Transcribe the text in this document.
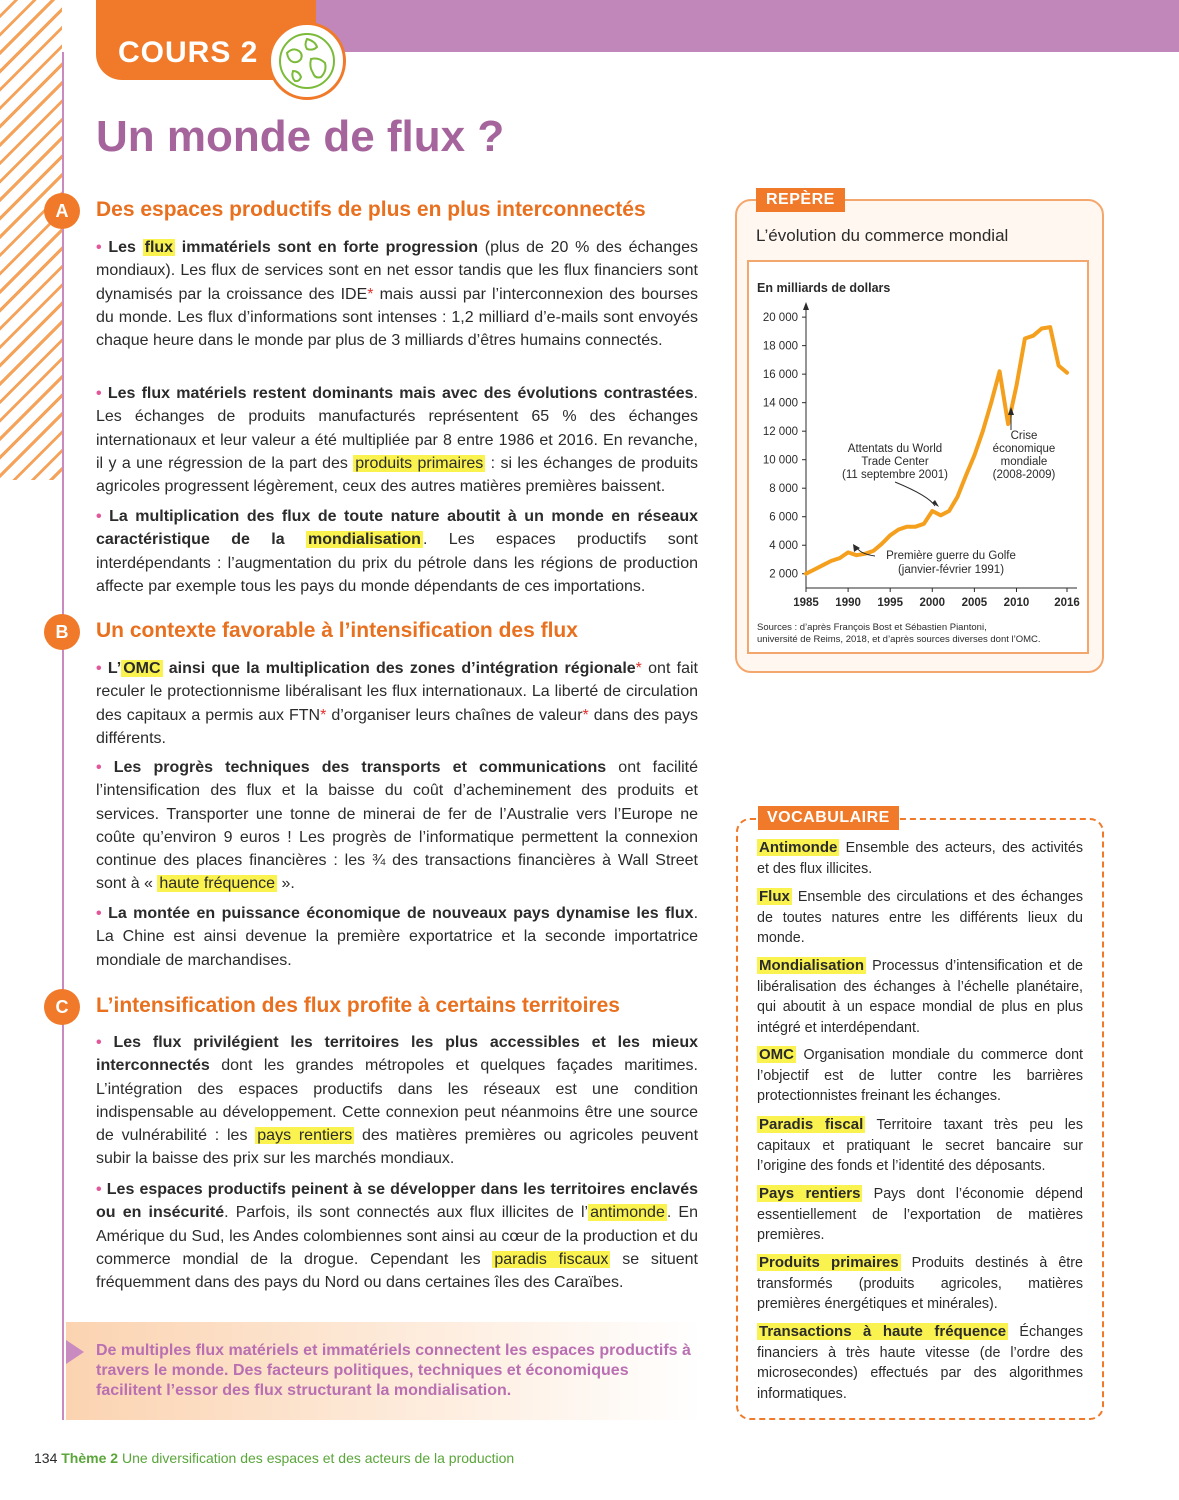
COURS 2
Un monde de flux ?
A	Des espaces productifs de plus en plus interconnectés

• Les flux immatériels sont en forte progression (plus de 20 % des échanges mondiaux). Les flux de services sont en net essor tandis que les flux financiers sont dynamisés par la croissance des IDE* mais aussi par l’interconnexion des bourses du monde. Les flux d’informations sont intenses : 1,2 milliard d’e-mails sont envoyés chaque heure dans le monde par plus de 3 milliards d’êtres humains connectés.

• Les flux matériels restent dominants mais avec des évolutions contrastées. Les échanges de produits manufacturés représentent 65 % des échanges internationaux et leur valeur a été multipliée par 8 entre 1986 et 2016. En revanche, il y a une régression de la part des produits primaires : si les échanges de produits agricoles progressent légèrement, ceux des autres matières premières baissent.

• La multiplication des flux de toute nature aboutit à un monde en réseaux caractéristique de la mondialisation . Les espaces productifs sont interdépendants : l’augmentation du prix du pétrole dans les régions de production affecte par exemple tous les pays du monde dépendants de ces importations.

B	Un contexte favorable à l’intensification des flux

• L’ OMC ainsi que la multiplication des zones d’intégration régionale* ont fait reculer le protectionnisme libéralisant les flux internationaux. La liberté de circulation des capitaux a permis aux FTN* d’organiser leurs chaînes de valeur* dans des pays différents.

• Les progrès techniques des transports et communications ont facilité l’intensification des flux et la baisse du coût d’acheminement des produits et services. Transporter une tonne de minerai de fer de l’Australie vers l’Europe ne coûte qu’environ 9 euros ! Les progrès de l’informatique permettent la connexion continue des places financières : les ¾ des transactions financières à Wall Street sont à « haute fréquence ».

• La montée en puissance économique de nouveaux pays dynamise les flux. La Chine est ainsi devenue la première exportatrice et la seconde importatrice mondiale de marchandises.

C	L’intensification des flux profite à certains territoires

• Les flux privilégient les territoires les plus accessibles et les mieux interconnectés dont les grandes métropoles et quelques façades maritimes. L’intégration des espaces productifs dans les réseaux est une condition indispensable au développement. Cette connexion peut néanmoins être une source de vulnérabilité : les pays rentiers des matières premières ou agricoles peuvent subir la baisse des prix sur les marchés mondiaux.

• Les espaces productifs peinent à se développer dans les territoires enclavés ou en insécurité. Parfois, ils sont connectés aux flux illicites de l’ antimonde . En Amérique du Sud, les Andes colombiennes sont ainsi au cœur de la production et du commerce mondial de la drogue. Cependant les paradis fiscaux se situent fréquemment dans des pays du Nord ou dans certaines îles des Caraïbes.

De multiples flux matériels et immatériels connectent les espaces productifs à travers le monde. Des facteurs politiques, techniques et économiques facilitent l’essor des flux structurant la mondialisation.

REPÈRE
L’évolution du commerce mondial
En milliards de dollars
2 000
4 000
6 000
8 000
10 000
12 000
14 000
16 000
18 000
20 000
1985 1990 1995 2000 2005 2010 2016
Attentats du World
Trade Center
(11 septembre 2001)
Crise
économique
mondiale
(2008-2009)
Première guerre du Golfe
(janvier-février 1991)
Sources : d’après François Bost et Sébastien Piantoni,
université de Reims, 2018, et d’après sources diverses dont l’OMC.
VOCABULAIRE

Antimonde Ensemble des acteurs, des activités et des flux illicites.

Flux Ensemble des circulations et des échanges de toutes natures entre les différents lieux du monde.

Mondialisation Processus d’intensification et de libéralisation des échanges à l’échelle planétaire, qui aboutit à un espace mondial de plus en plus intégré et interdépendant.

OMC Organisation mondiale du commerce dont l’objectif est de lutter contre les barrières protectionnistes freinant les échanges.

Paradis fiscal Territoire taxant très peu les capitaux et pratiquant le secret bancaire sur l’origine des fonds et l’identité des déposants.

Pays rentiers Pays dont l’économie dépend essentiellement de l’exportation de matières premières.

Produits primaires Produits destinés à être transformés (produits agricoles, matières premières énergétiques et minérales).

Transactions à haute fréquence Échanges financiers à très haute vitesse (de l’ordre des microsecondes) effectués par des algorithmes informatiques.

134 Thème 2 Une diversification des espaces et des acteurs de la production
